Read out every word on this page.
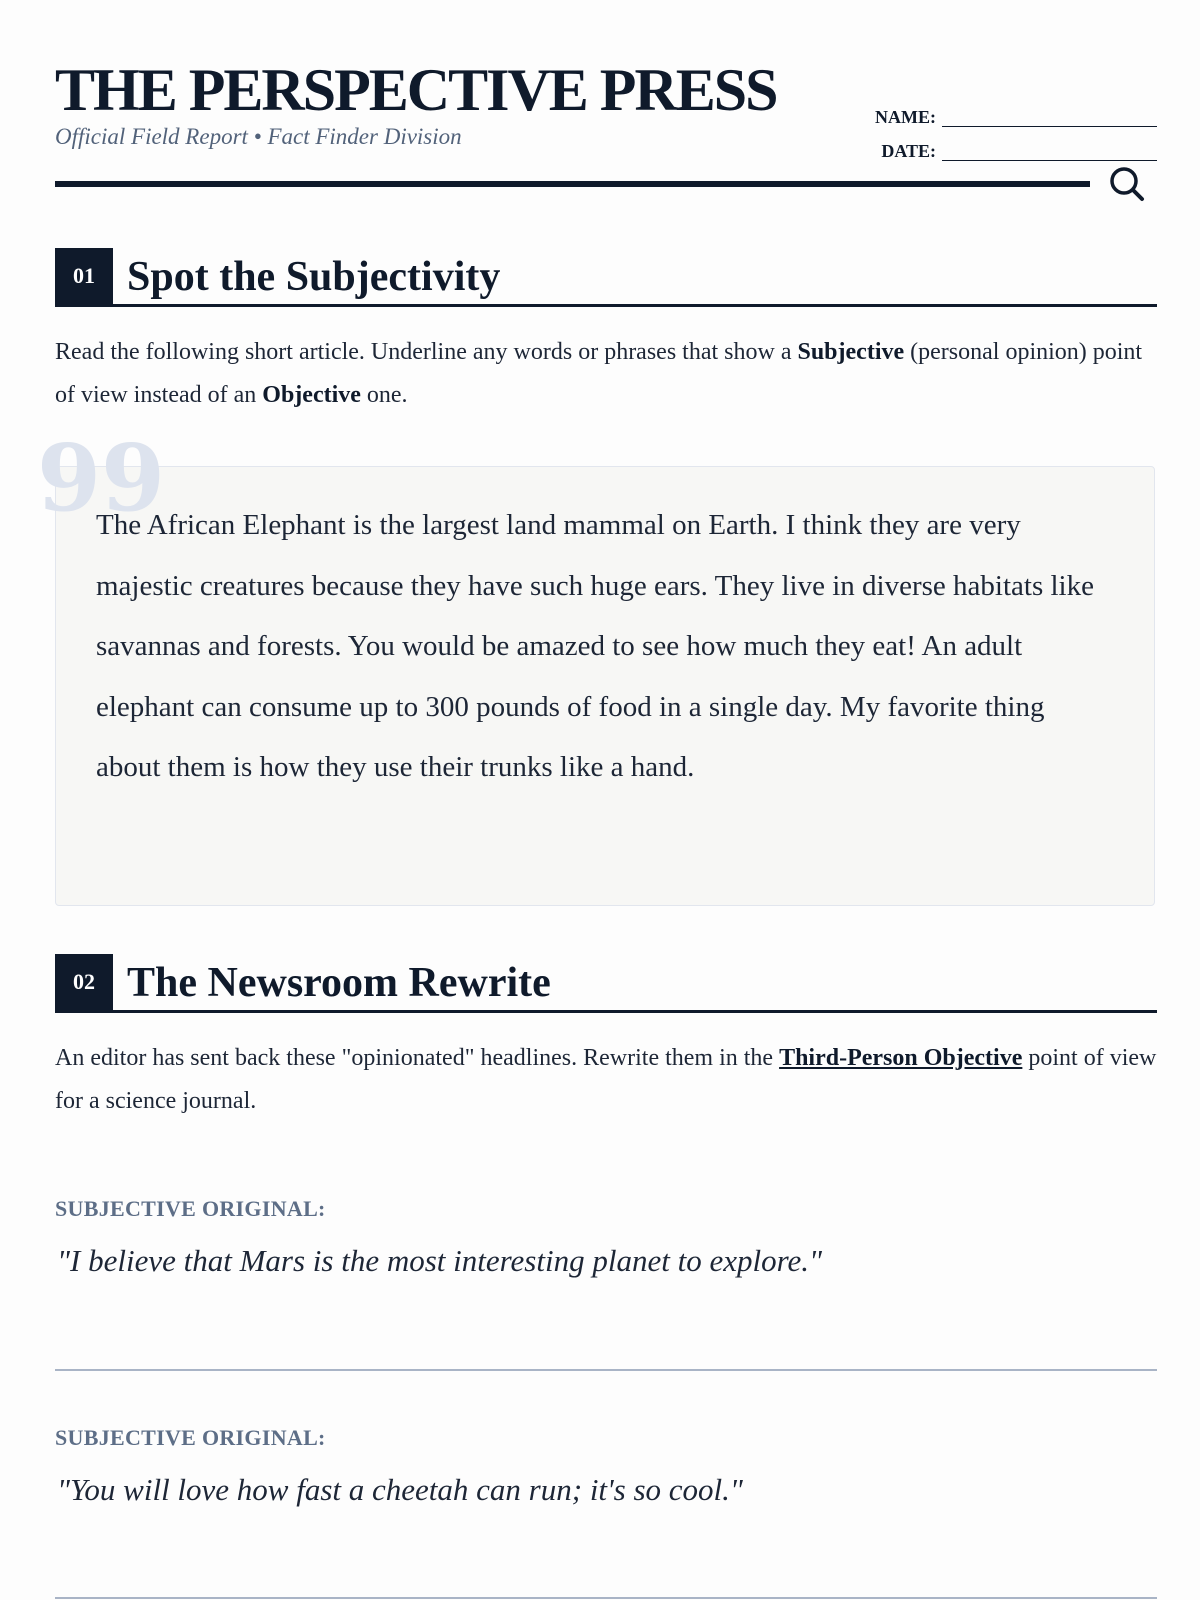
THE PERSPECTIVE PRESS
Official Field Report • Fact Finder Division
NAME:
DATE:
01 Spot the Subjectivity

Read the following short article. Underline any words or phrases that show a Subjective (personal opinion) point of view instead of an Objective one.

The African Elephant is the largest land mammal on Earth. I think they are very majestic creatures because they have such huge ears. They live in diverse habitats like savannas and forests. You would be amazed to see how much they eat! An adult elephant can consume up to 300 pounds of food in a single day. My favorite thing about them is how they use their trunks like a hand.

99
02 The Newsroom Rewrite

An editor has sent back these "opinionated" headlines. Rewrite them in the Third-Person Objective point of view for a science journal.

SUBJECTIVE ORIGINAL:
"I believe that Mars is the most interesting planet to explore."
SUBJECTIVE ORIGINAL:
"You will love how fast a cheetah can run; it's so cool."
